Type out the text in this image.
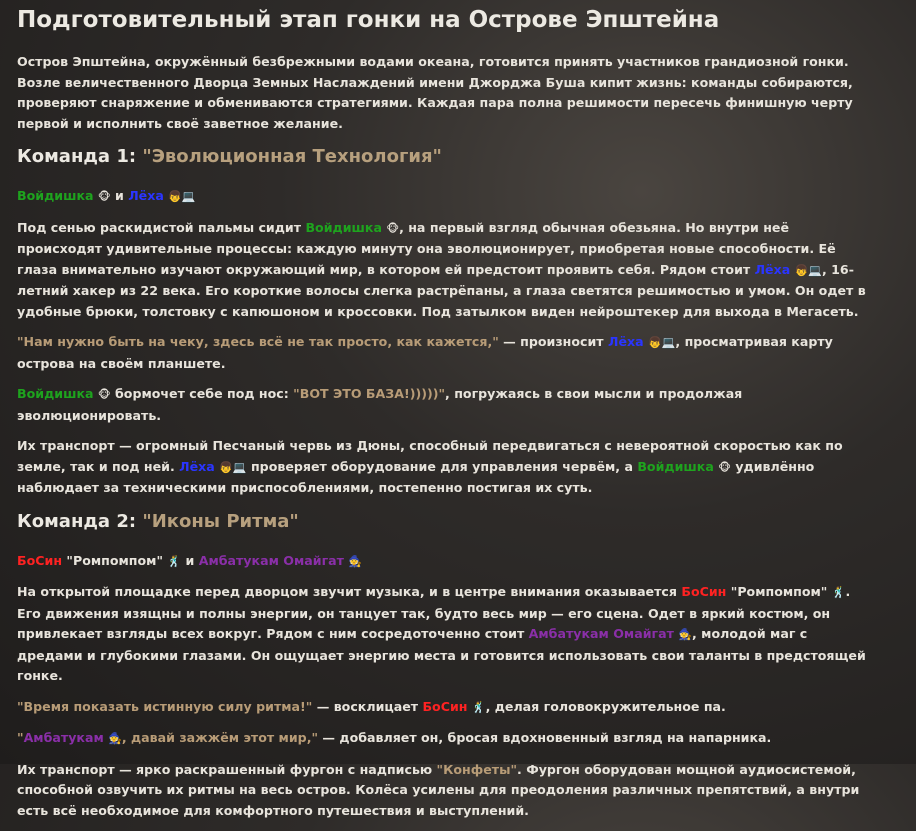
Подготовительный этап гонки на Острове Эпштейна

Остров Эпштейна, окружённый безбрежными водами океана, готовится принять участников грандиозной гонки. Возле величественного Дворца Земных Наслаждений имени Джорджа Буша кипит жизнь: команды собираются, проверяют снаряжение и обмениваются стратегиями. Каждая пара полна решимости пересечь финишную черту первой и исполнить своё заветное желание.

Команда 1: "Эволюционная Технология"

Войдишка 🐵 и Лёха 👦💻

Под сенью раскидистой пальмы сидит Войдишка 🐵, на первый взгляд обычная обезьяна. Но внутри неё происходят удивительные процессы: каждую минуту она эволюционирует, приобретая новые способности. Её глаза внимательно изучают окружающий мир, в котором ей предстоит проявить себя. Рядом стоит Лёха 👦💻, 16-летний хакер из 22 века. Его короткие волосы слегка растрёпаны, а глаза светятся решимостью и умом. Он одет в удобные брюки, толстовку с капюшоном и кроссовки. Под затылком виден нейроштекер для выхода в Мегасеть.

"Нам нужно быть на чеку, здесь всё не так просто, как кажется," — произносит Лёха 👦💻, просматривая карту острова на своём планшете.

Войдишка 🐵 бормочет себе под нос: "ВОТ ЭТО БАЗА!)))))", погружаясь в свои мысли и продолжая эволюционировать.

Их транспорт — огромный Песчаный червь из Дюны, способный передвигаться с невероятной скоростью как по земле, так и под ней. Лёха 👦💻 проверяет оборудование для управления червём, а Войдишка 🐵 удивлённо наблюдает за техническими приспособлениями, постепенно постигая их суть.

Команда 2: "Иконы Ритма"

БоСин "Ромпомпом" 🕺 и Амбатукам Омайгат 🧙

На открытой площадке перед дворцом звучит музыка, и в центре внимания оказывается БоСин "Ромпомпом" 🕺. Его движения изящны и полны энергии, он танцует так, будто весь мир — его сцена. Одет в яркий костюм, он привлекает взгляды всех вокруг. Рядом с ним сосредоточенно стоит Амбатукам Омайгат 🧙, молодой маг с дредами и глубокими глазами. Он ощущает энергию места и готовится использовать свои таланты в предстоящей гонке.

"Время показать истинную силу ритма!" — восклицает БоСин 🕺, делая головокружительное па.

"Амбатукам 🧙, давай зажжём этот мир," — добавляет он, бросая вдохновенный взгляд на напарника.

Их транспорт — ярко раскрашенный фургон с надписью "Конфеты". Фургон оборудован мощной аудиосистемой, способной озвучить их ритмы на весь остров. Колёса усилены для преодоления различных препятствий, а внутри есть всё необходимое для комфортного путешествия и выступлений.
